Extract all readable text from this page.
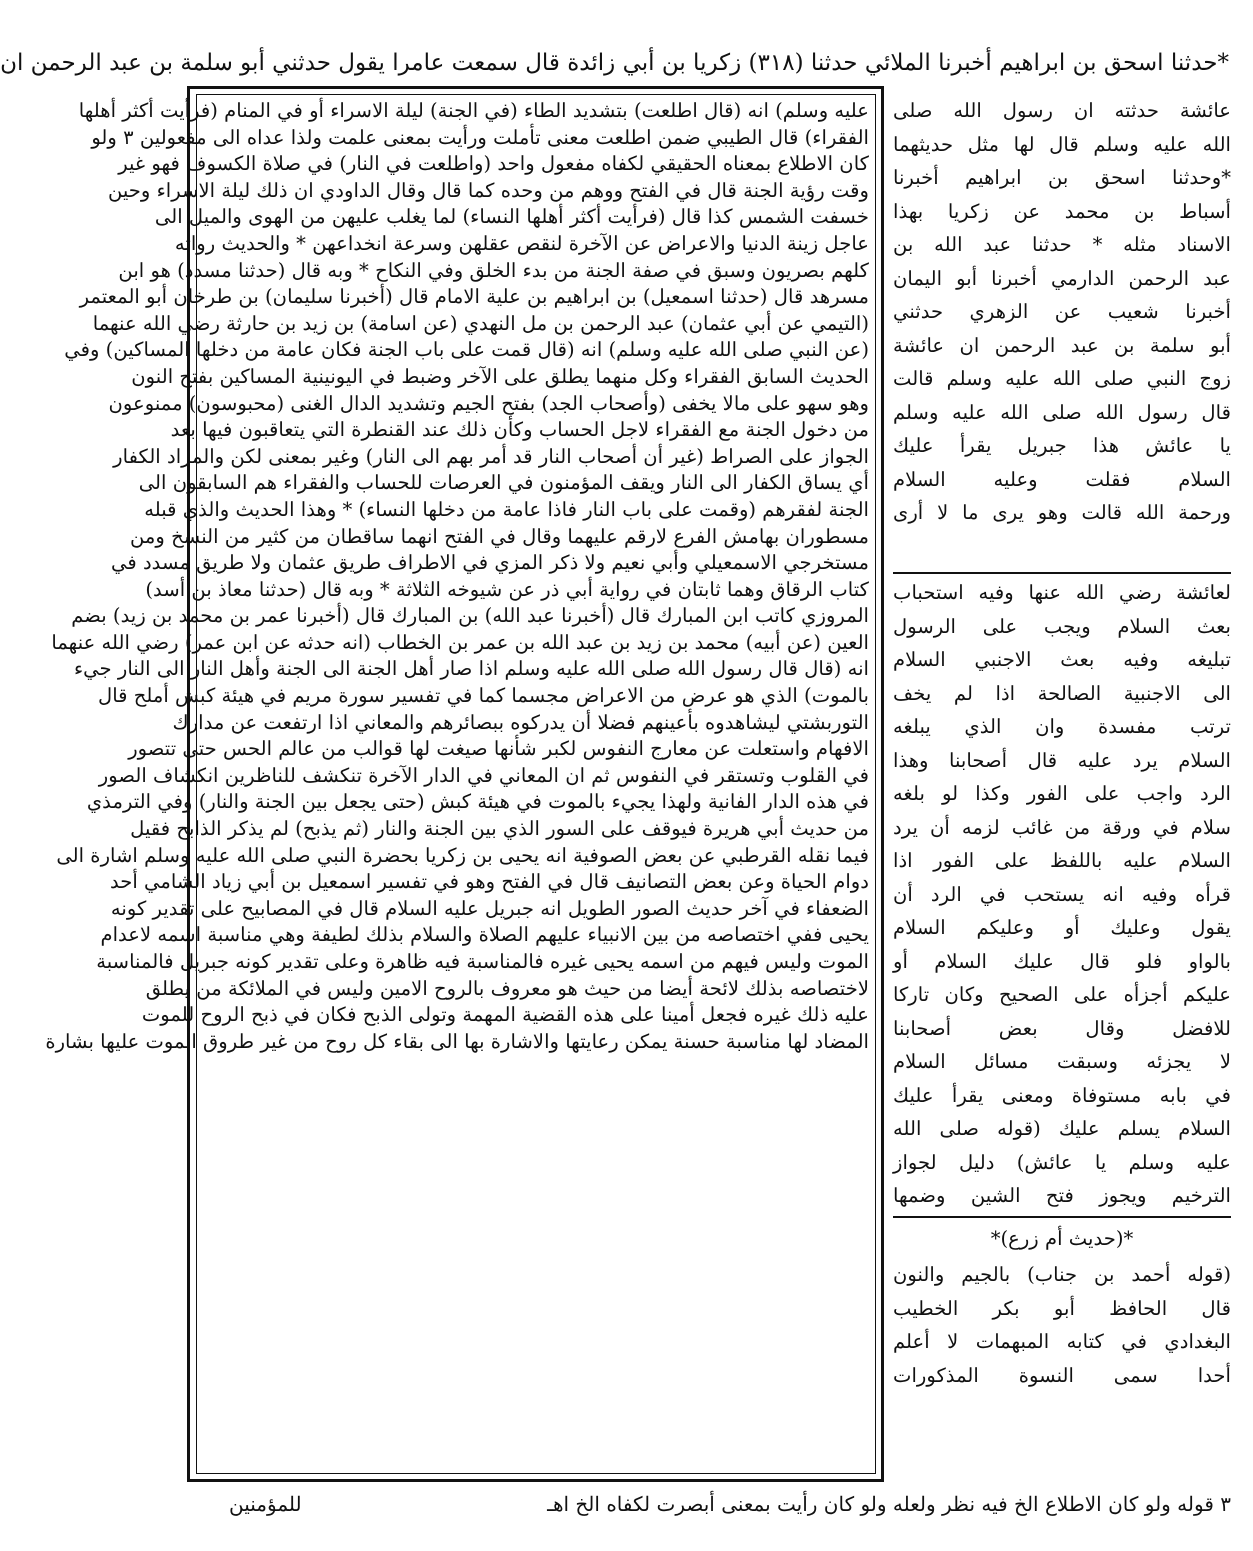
*حدثنا اسحق بن ابراهيم أخبرنا الملائي حدثنا (٣١٨) زكريا بن أبي زائدة قال سمعت عامرا يقول حدثني أبو سلمة بن عبد الرحمن ان
عليه وسلم) انه (قال اطلعت) بتشديد الطاء (في الجنة) ليلة الاسراء أو في المنام (فرأيت أكثر أهلها
الفقراء) قال الطيبي ضمن اطلعت معنى تأملت ورأيت بمعنى علمت ولذا عداه الى مفعولين ٣ ولو
كان الاطلاع بمعناه الحقيقي لكفاه مفعول واحد (واطلعت في النار) في صلاة الكسوف فهو غير
وقت رؤية الجنة قال في الفتح ووهم من وحده كما قال وقال الداودي ان ذلك ليلة الاسراء وحين
خسفت الشمس كذا قال (فرأيت أكثر أهلها النساء) لما يغلب عليهن من الهوى والميل الى
عاجل زينة الدنيا والاعراض عن الآخرة لنقص عقلهن وسرعة انخداعهن * والحديث رواته
كلهم بصريون وسبق في صفة الجنة من بدء الخلق وفي النكاح * وبه قال (حدثنا مسدد) هو ابن
مسرهد قال (حدثنا اسمعيل) بن ابراهيم بن علية الامام قال (أخبرنا سليمان) بن طرخان أبو المعتمر
(التيمي عن أبي عثمان) عبد الرحمن بن مل النهدي (عن اسامة) بن زيد بن حارثة رضي الله عنهما
(عن النبي صلى الله عليه وسلم) انه (قال قمت على باب الجنة فكان عامة من دخلها المساكين) وفي
الحديث السابق الفقراء وكل منهما يطلق على الآخر وضبط في اليونينية المساكين بفتح النون
وهو سهو على مالا يخفى (وأصحاب الجد) بفتح الجيم وتشديد الدال الغنى (محبوسون) ممنوعون
من دخول الجنة مع الفقراء لاجل الحساب وكأن ذلك عند القنطرة التي يتعاقبون فيها بعد
الجواز على الصراط (غير أن أصحاب النار قد أمر بهم الى النار) وغير بمعنى لكن والمراد الكفار
أي يساق الكفار الى النار ويقف المؤمنون في العرصات للحساب والفقراء هم السابقون الى
الجنة لفقرهم (وقمت على باب النار فاذا عامة من دخلها النساء) * وهذا الحديث والذي قبله
مسطوران بهامش الفرع لارقم عليهما وقال في الفتح انهما ساقطان من كثير من النسخ ومن
مستخرجي الاسمعيلي وأبي نعيم ولا ذكر المزي في الاطراف طريق عثمان ولا طريق مسدد في
كتاب الرقاق وهما ثابتان في رواية أبي ذر عن شيوخه الثلاثة * وبه قال (حدثنا معاذ بن أسد)
المروزي كاتب ابن المبارك قال (أخبرنا عبد الله) بن المبارك قال (أخبرنا عمر بن محمد بن زيد) بضم
العين (عن أبيه) محمد بن زيد بن عبد الله بن عمر بن الخطاب (انه حدثه عن ابن عمر) رضي الله عنهما
انه (قال قال رسول الله صلى الله عليه وسلم اذا صار أهل الجنة الى الجنة وأهل النار الى النار جيء
بالموت) الذي هو عرض من الاعراض مجسما كما في تفسير سورة مريم في هيئة كبش أملح قال
التوربشتي ليشاهدوه بأعينهم فضلا أن يدركوه ببصائرهم والمعاني اذا ارتفعت عن مدارك
الافهام واستعلت عن معارج النفوس لكبر شأنها صيغت لها قوالب من عالم الحس حتى تتصور
في القلوب وتستقر في النفوس ثم ان المعاني في الدار الآخرة تنكشف للناظرين انكشاف الصور
في هذه الدار الفانية ولهذا يجيء بالموت في هيئة كبش (حتى يجعل بين الجنة والنار) وفي الترمذي
من حديث أبي هريرة فيوقف على السور الذي بين الجنة والنار (ثم يذبح) لم يذكر الذابح فقيل
فيما نقله القرطبي عن بعض الصوفية انه يحيى بن زكريا بحضرة النبي صلى الله عليه وسلم اشارة الى
دوام الحياة وعن بعض التصانيف قال في الفتح وهو في تفسير اسمعيل بن أبي زياد الشامي أحد
الضعفاء في آخر حديث الصور الطويل انه جبريل عليه السلام قال في المصابيح على تقدير كونه
يحيى ففي اختصاصه من بين الانبياء عليهم الصلاة والسلام بذلك لطيفة وهي مناسبة اسمه لاعدام
الموت وليس فيهم من اسمه يحيى غيره فالمناسبة فيه ظاهرة وعلى تقدير كونه جبريل فالمناسبة
لاختصاصه بذلك لائحة أيضا من حيث هو معروف بالروح الامين وليس في الملائكة من يطلق
عليه ذلك غيره فجعل أمينا على هذه القضية المهمة وتولى الذبح فكان في ذبح الروح للموت
المضاد لها مناسبة حسنة يمكن رعايتها والاشارة بها الى بقاء كل روح من غير طروق الموت عليها بشارة
عائشة حدثته ان رسول الله صلى
الله عليه وسلم قال لها مثل حديثهما
*وحدثنا اسحق بن ابراهيم أخبرنا
أسباط بن محمد عن زكريا بهذا
الاسناد مثله * حدثنا عبد الله بن
عبد الرحمن الدارمي أخبرنا أبو اليمان
أخبرنا شعيب عن الزهري حدثني
أبو سلمة بن عبد الرحمن ان عائشة
زوج النبي صلى الله عليه وسلم قالت
قال رسول الله صلى الله عليه وسلم
يا عائش هذا جبريل يقرأ عليك
السلام فقلت وعليه السلام
ورحمة الله قالت وهو يرى ما لا أرى
لعائشة رضي الله عنها وفيه استحباب
بعث السلام ويجب على الرسول
تبليغه وفيه بعث الاجنبي السلام
الى الاجنبية الصالحة اذا لم يخف
ترتب مفسدة وان الذي يبلغه
السلام يرد عليه قال أصحابنا وهذا
الرد واجب على الفور وكذا لو بلغه
سلام في ورقة من غائب لزمه أن يرد
السلام عليه باللفظ على الفور اذا
قرأه وفيه انه يستحب في الرد أن
يقول وعليك أو وعليكم السلام
بالواو فلو قال عليك السلام أو
عليكم أجزأه على الصحيح وكان تاركا
للافضل وقال بعض أصحابنا
لا يجزئه وسبقت مسائل السلام
في بابه مستوفاة ومعنى يقرأ عليك
السلام يسلم عليك (قوله صلى الله
عليه وسلم يا عائش) دليل لجواز
الترخيم ويجوز فتح الشين وضمها
*(حديث أم زرع)*
(قوله أحمد بن جناب) بالجيم والنون
قال الحافظ أبو بكر الخطيب
البغدادي في كتابه المبهمات لا أعلم
أحدا سمى النسوة المذكورات
٣ قوله ولو كان الاطلاع الخ فيه نظر ولعله ولو كان رأيت بمعنى أبصرت لكفاه الخ اهـ
للمؤمنين
